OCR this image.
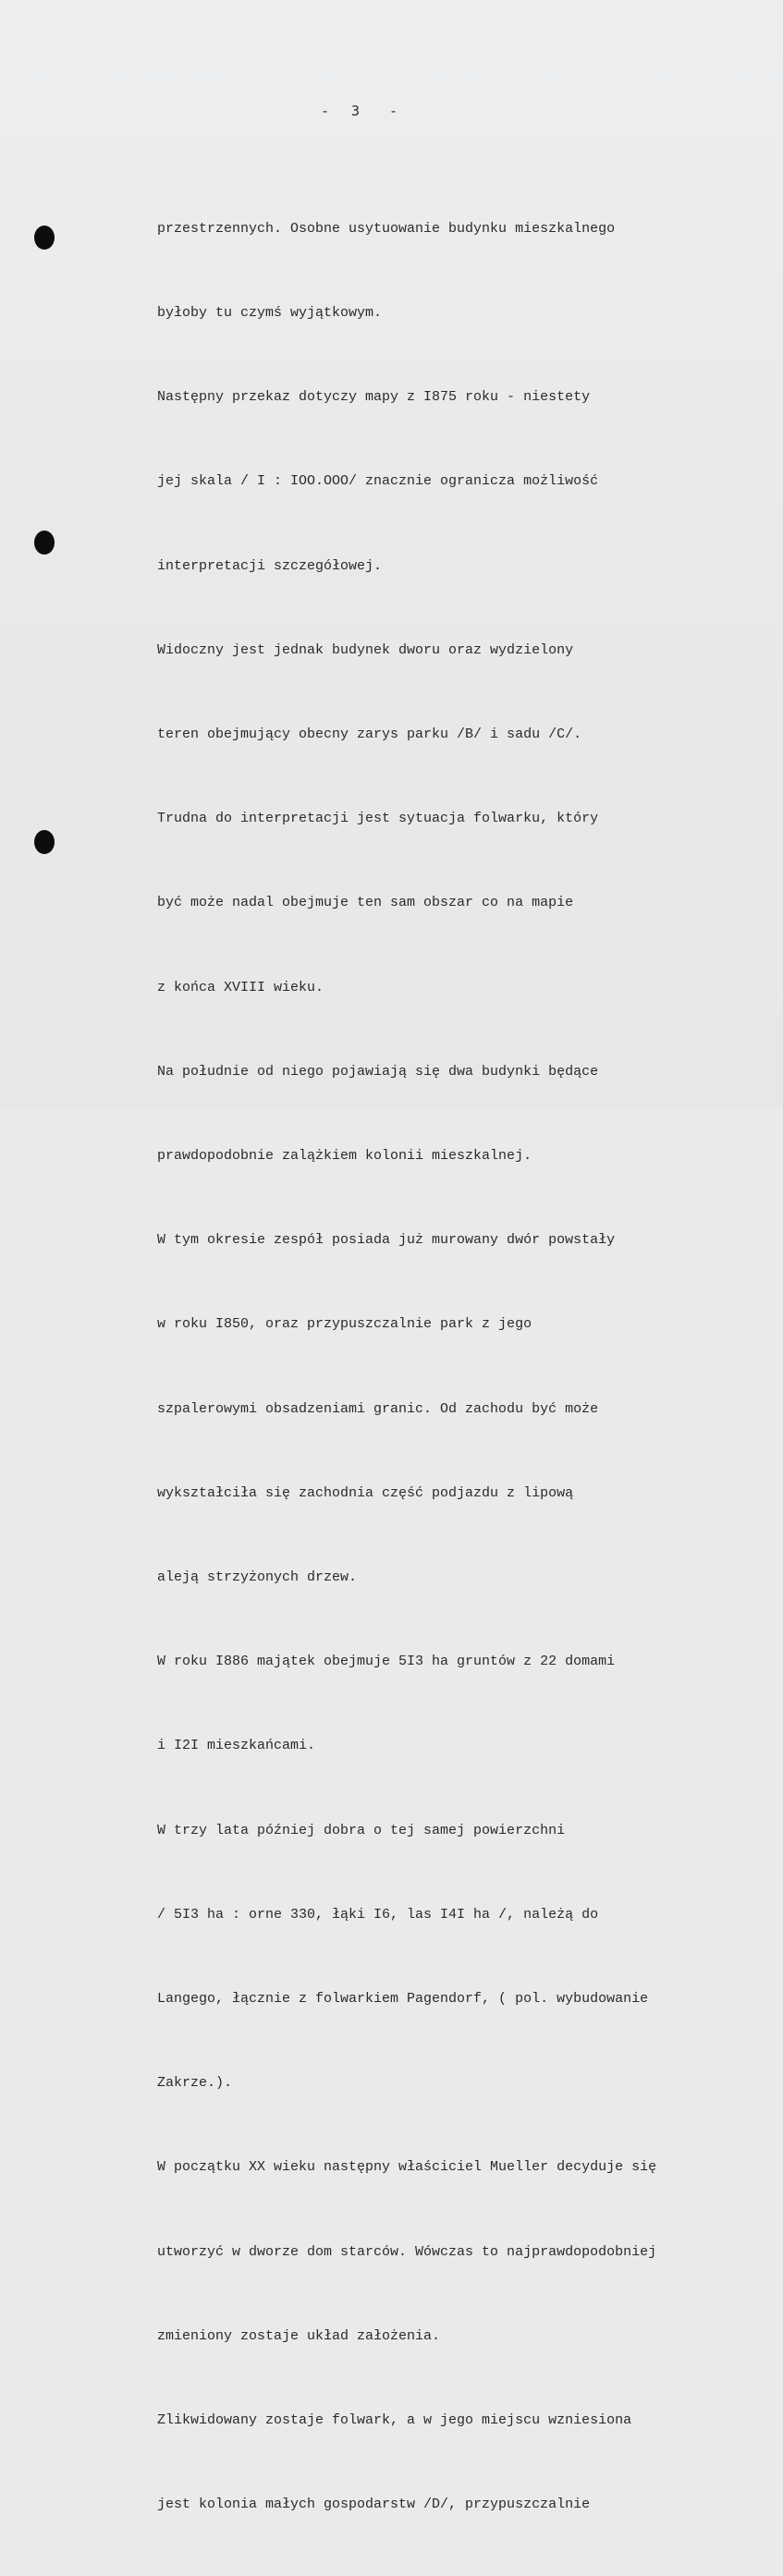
- 3 -

przestrzennych. Osobne usytuowanie budynku mieszkalnego

byłoby tu czymś wyjątkowym.

Następny przekaz dotyczy mapy z I875 roku - niestety

jej skala / I : IOO.OOO/ znacznie ogranicza możliwość

interpretacji szczegółowej.

Widoczny jest jednak budynek dworu oraz wydzielony

teren obejmujący obecny zarys parku /B/ i sadu /C/.

Trudna do interpretacji jest sytuacja folwarku, który

być może nadal obejmuje ten sam obszar co na mapie

z końca XVIII wieku.

Na południe od niego pojawiają się dwa budynki będące

prawdopodobnie zalążkiem kolonii mieszkalnej.

W tym okresie zespół posiada już murowany dwór powstały

w roku I850, oraz przypuszczalnie park z jego

szpalerowymi obsadzeniami granic. Od zachodu być może

wykształciła się zachodnia część podjazdu z lipową

aleją strzyżonych drzew.

W roku I886 majątek obejmuje 5I3 ha gruntów z 22 domami

i I2I mieszkańcami.

W trzy lata później dobra o tej samej powierzchni

/ 5I3 ha : orne 330, łąki I6, las I4I ha /, należą do

Langego, łącznie z folwarkiem Pagendorf, ( pol. wybudowanie

Zakrze.).

W początku XX wieku następny właściciel Mueller decyduje się

utworzyć w dworze dom starców. Wówczas to najprawdopodobniej

zmieniony zostaje układ założenia.

Zlikwidowany zostaje folwark, a w jego miejscu wzniesiona

jest kolonia małych gospodarstw /D/, przypuszczalnie
